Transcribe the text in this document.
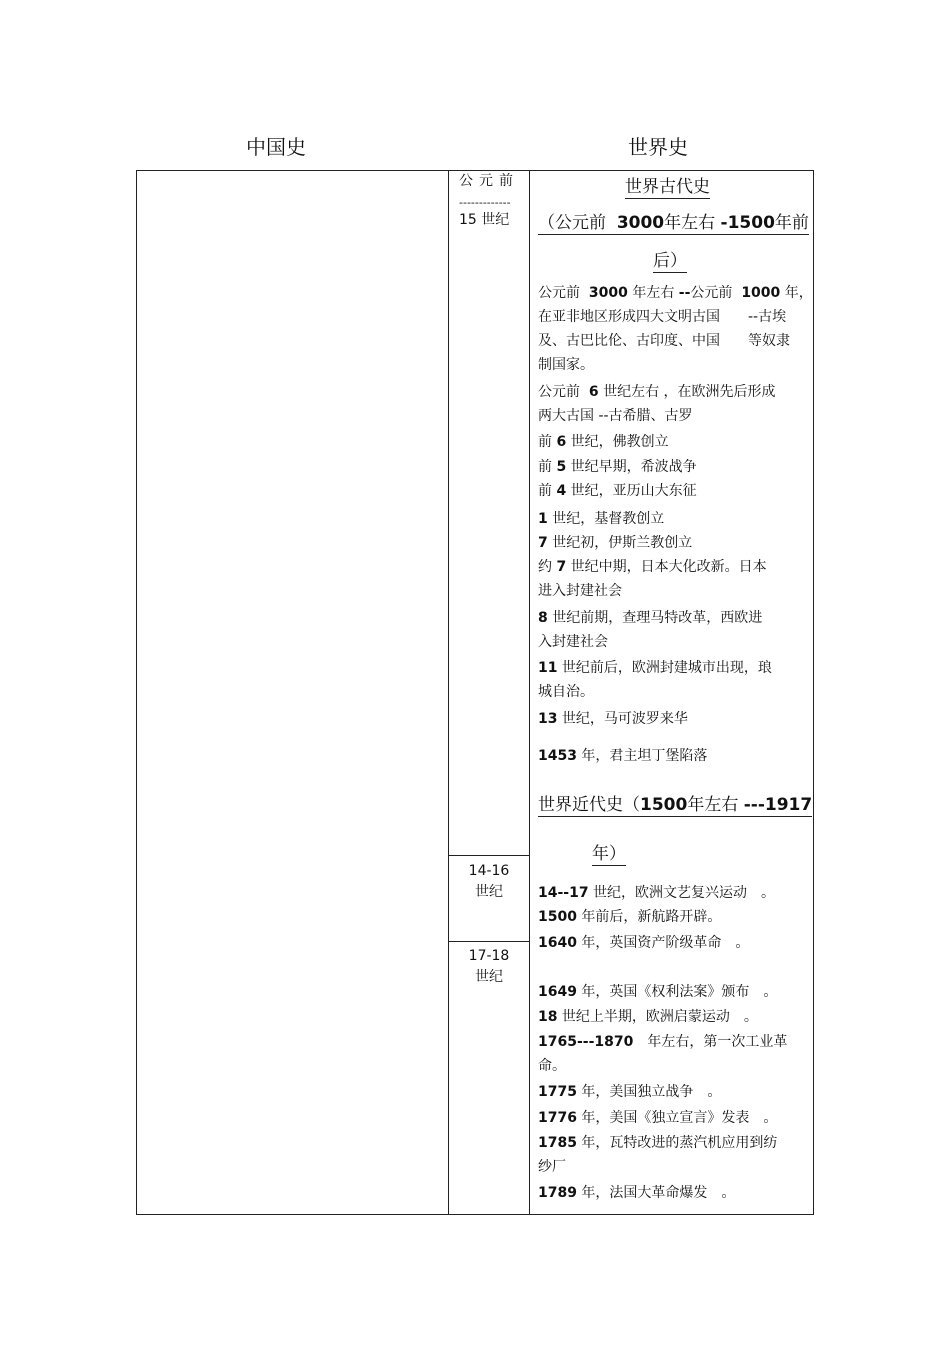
中国史	世界史
公元前
-------------
15 世纪
14-16
世纪
17-18
世纪
世界古代史
（公元前 3000年左右 -1500年前
后）
公元前 3000 年左右 --公元前 1000 年，
在亚非地区形成四大文明古国　　--古埃
及、古巴比伦、古印度、中国　　等奴隶
制国家。
公元前 6 世纪左右 ，在欧洲先后形成
两大古国 --古希腊、古罗
前 6 世纪，佛教创立
前 5 世纪早期，希波战争
前 4 世纪，亚历山大东征
1 世纪，基督教创立
7 世纪初，伊斯兰教创立
约 7 世纪中期，日本大化改新。日本
进入封建社会
8 世纪前期，查理马特改革，西欧进
入封建社会
11 世纪前后，欧洲封建城市出现，琅
城自治。
13 世纪，马可波罗来华
1453 年，君主坦丁堡陷落
世界近代史（1500年左右 ---1917
年）
14--17 世纪，欧洲文艺复兴运动　。
1500 年前后，新航路开辟。
1640 年，英国资产阶级革命　。
1649 年，英国《权利法案》颁布　。
18 世纪上半期，欧洲启蒙运动　。
1765---1870　年左右，第一次工业革
命。
1775 年，美国独立战争　。
1776 年，美国《独立宣言》发表　。
1785 年，瓦特改进的蒸汽机应用到纺
纱厂
1789 年，法国大革命爆发　。
